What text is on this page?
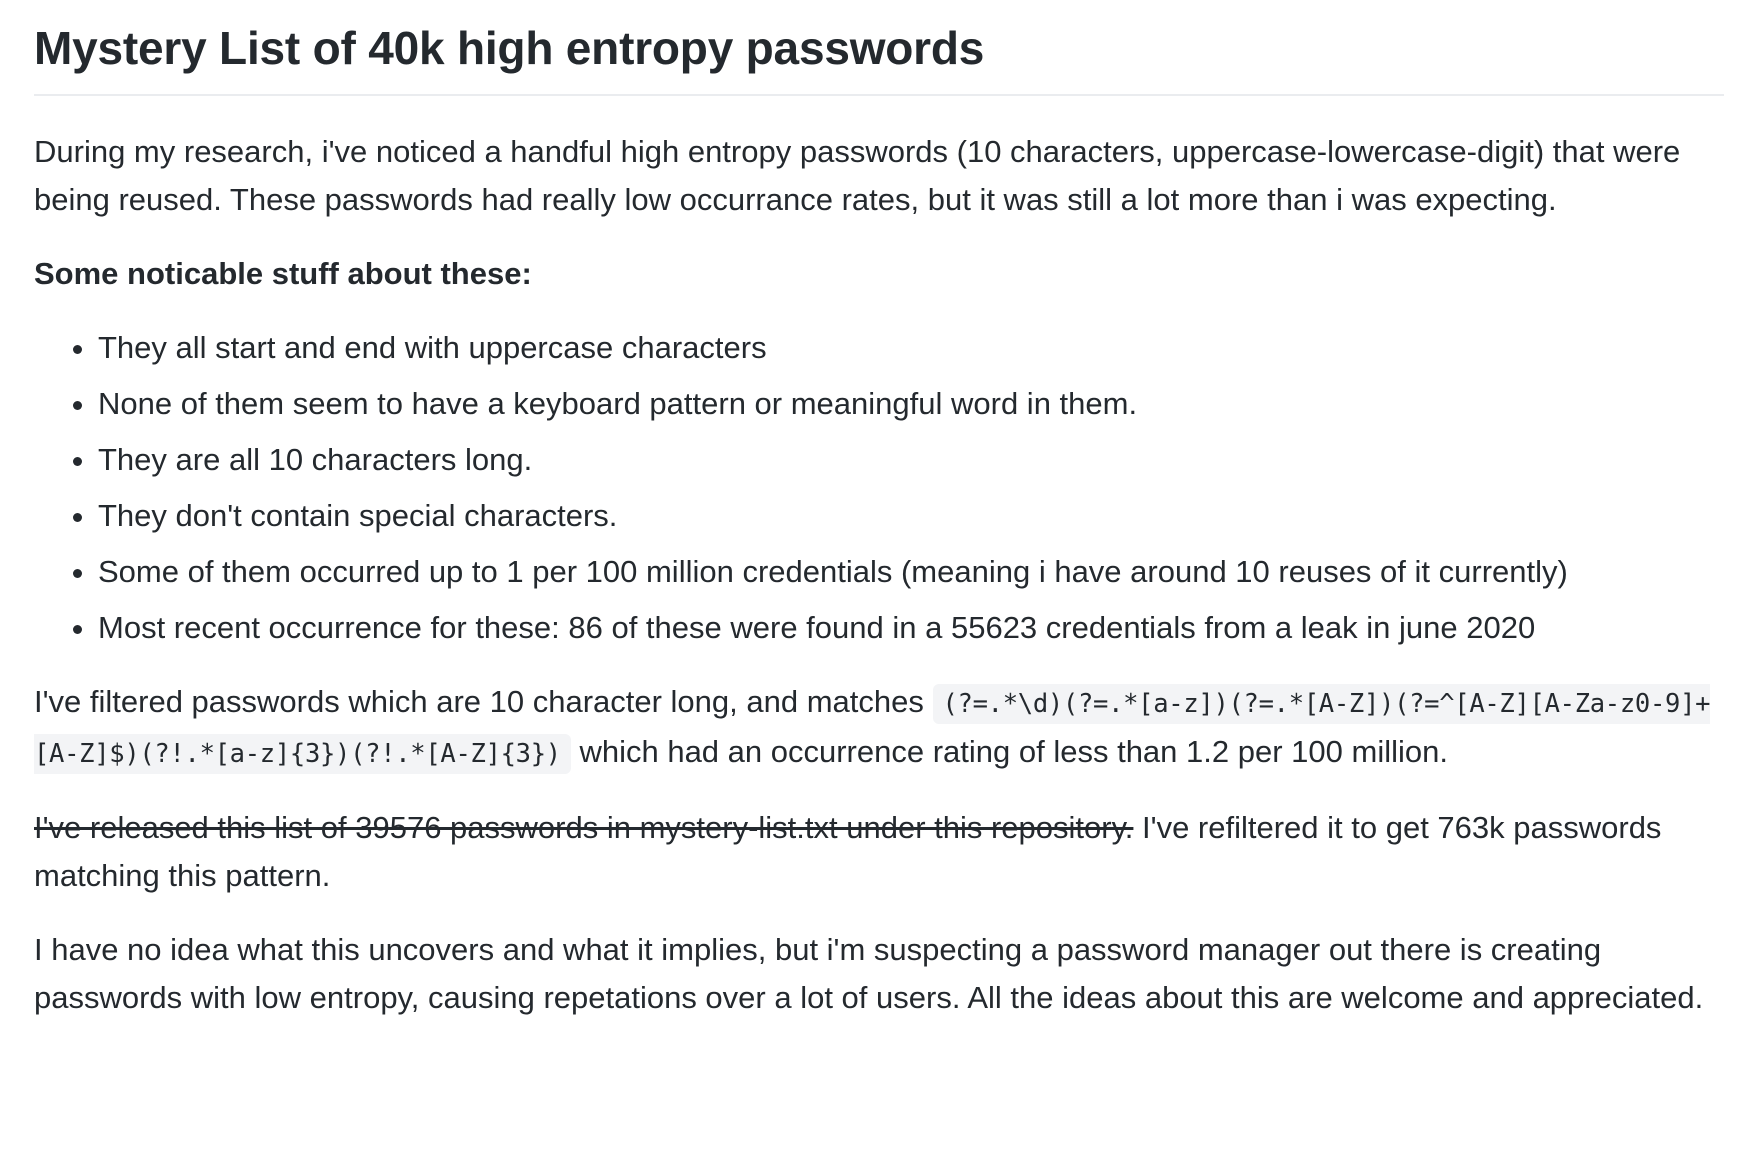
Mystery List of 40k high entropy passwords

During my research, i've noticed a handful high entropy passwords (10 characters, uppercase-lowercase-digit) that were being reused. These passwords had really low occurrance rates, but it was still a lot more than i was expecting.

Some noticable stuff about these:

• They all start and end with uppercase characters
• None of them seem to have a keyboard pattern or meaningful word in them.
• They are all 10 characters long.
• They don't contain special characters.
• Some of them occurred up to 1 per 100 million credentials (meaning i have around 10 reuses of it currently)
• Most recent occurrence for these: 86 of these were found in a 55623 credentials from a leak in june 2020

I've filtered passwords which are 10 character long, and matches (?=.*\d)(?=.*[a-z])(?=.*[A-Z])(?=^[A-Z][A-Za-z0-9]+[A-Z]$)(?!.*[a-z]{3})(?!.*[A-Z]{3}) which had an occurrence rating of less than 1.2 per 100 million.

I've released this list of 39576 passwords in mystery-list.txt under this repository. I've refiltered it to get 763k passwords matching this pattern.

I have no idea what this uncovers and what it implies, but i'm suspecting a password manager out there is creating passwords with low entropy, causing repetations over a lot of users. All the ideas about this are welcome and appreciated.
